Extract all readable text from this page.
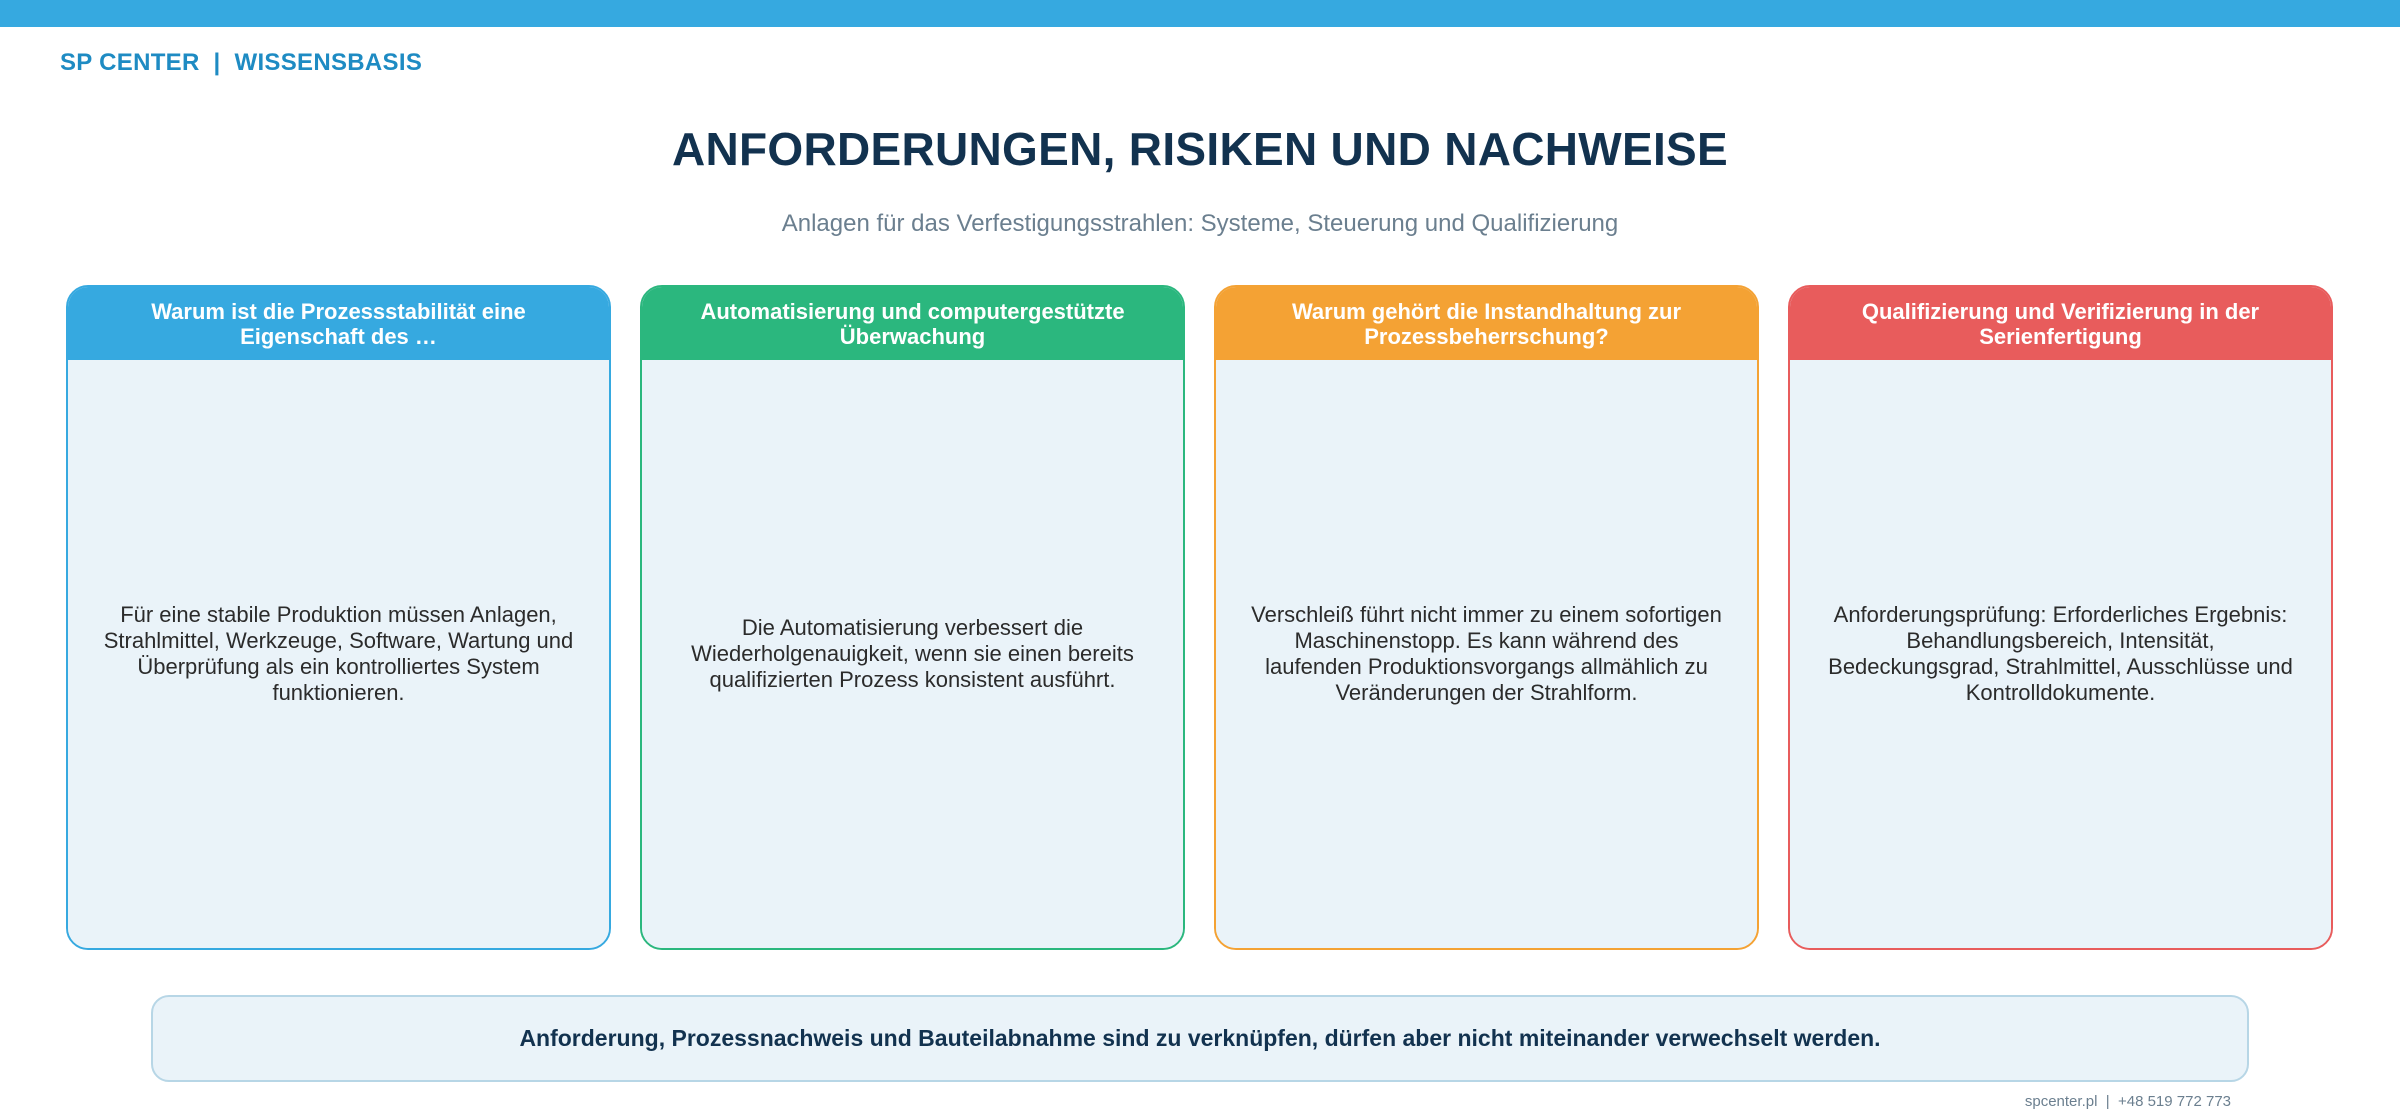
SP CENTER  |  WISSENSBASIS
ANFORDERUNGEN, RISIKEN UND NACHWEISE
Anlagen für das Verfestigungsstrahlen: Systeme, Steuerung und Qualifizierung
Warum ist die Prozessstabilität eine Eigenschaft des …
Für eine stabile Produktion müssen Anlagen, Strahlmittel, Werkzeuge, Software, Wartung und Überprüfung als ein kontrolliertes System funktionieren.
Automatisierung und computergestützte Überwachung
Die Automatisierung verbessert die Wiederholgenauigkeit, wenn sie einen bereits qualifizierten Prozess konsistent ausführt.
Warum gehört die Instandhaltung zur Prozessbeherrschung?
Verschleiß führt nicht immer zu einem sofortigen Maschinenstopp. Es kann während des laufenden Produktionsvorgangs allmählich zu Veränderungen der Strahlform.
Qualifizierung und Verifizierung in der Serienfertigung
Anforderungsprüfung: Erforderliches Ergebnis: Behandlungsbereich, Intensität, Bedeckungsgrad, Strahlmittel, Ausschlüsse und Kontrolldokumente.
Anforderung, Prozessnachweis und Bauteilabnahme sind zu verknüpfen, dürfen aber nicht miteinander verwechselt werden.
spcenter.pl  |  +48 519 772 773
